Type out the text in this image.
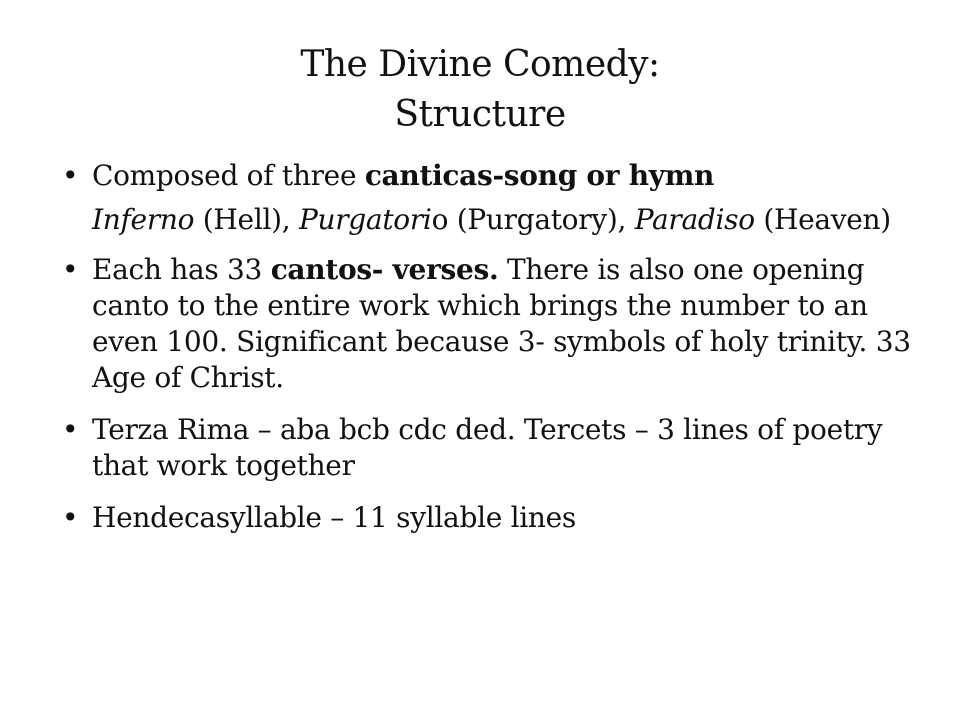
The Divine Comedy:
Structure
• Composed of three canticas-song or hymn
Inferno (Hell), Purgatorio (Purgatory), Paradiso (Heaven)
• Each has 33 cantos- verses. There is also one opening canto to the entire work which brings the number to an even 100. Significant because 3- symbols of holy trinity. 33 Age of Christ.
• Terza Rima – aba bcb cdc ded. Tercets – 3 lines of poetry that work together
• Hendecasyllable – 11 syllable lines
